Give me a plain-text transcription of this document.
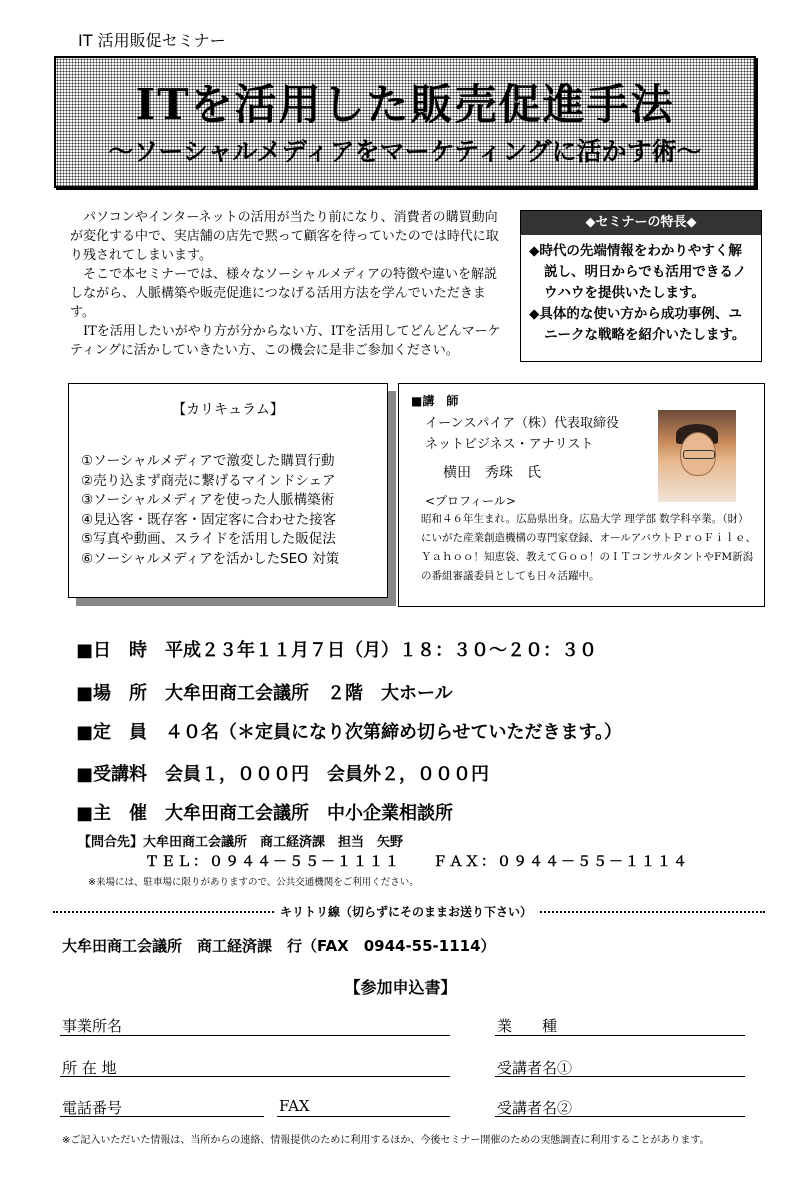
IT 活用販促セミナー
ITを活用した販売促進手法
～ソーシャルメディアをマーケティングに活かす術～

パソコンやインターネットの活用が当たり前になり、消費者の購買動向が変化する中で、実店舗の店先で黙って顧客を待っていたのでは時代に取り残されてしまいます。

そこで本セミナーでは、様々なソーシャルメディアの特徴や違いを解説しながら、人脈構築や販売促進につなげる活用方法を学んでいただきます。

ITを活用したいがやり方が分からない方、ITを活用してどんどんマーケティングに活かしていきたい方、この機会に是非ご参加ください。

◆セミナーの特長◆
◆時代の先端情報をわかりやすく解説し、明日からでも活用できるノウハウを提供いたします。
◆具体的な使い方から成功事例、ユニークな戦略を紹介いたします。
【カリキュラム】
①ソーシャルメディアで激変した購買行動
②売り込まず商売に繋げるマインドシェア
③ソーシャルメディアを使った人脈構築術
④見込客・既存客・固定客に合わせた接客
⑤写真や動画、スライドを活用した販促法
⑥ソーシャルメディアを活かしたSEO 対策
■講　師
イーンスパイア（株）代表取締役
ネットビジネス・アナリスト
横田　秀珠　氏
<プロフィール>
昭和４６年生まれ。広島県出身。広島大学 理学部 数学科卒業。（財）にいがた産業創造機構の専門家登録、オールアバウトＰｒｏＦｉｌｅ、Ｙａｈｏｏ！知恵袋、教えてＧｏｏ！のＩＴコンサルタントやFM新潟の番組審議委員としても日々活躍中。
■日　時　平成２３年１１月７日（月）１８：３０～２０：３０
■場　所　大牟田商工会議所　２階　大ホール
■定　員　４０名（＊定員になり次第締め切らせていただきます。）
■受講料　会員１，０００円　会員外２，０００円
■主　催　大牟田商工会議所　中小企業相談所
【問合先】大牟田商工会議所　商工経済課　担当　矢野
ＴＥＬ：０９４４－５５－１１１１　　ＦＡＸ：０９４４－５５－１１１４
※来場には、駐車場に限りがありますので、公共交通機関をご利用ください。
キリトリ線（切らずにそのままお送り下さい）
大牟田商工会議所　商工経済課　行（FAX　0944-55-1114）
【参加申込書】
事業所名	業　　種
所 在 地	受講者名①
電話番号	FAX	受講者名②
※ご記入いただいた情報は、当所からの連絡、情報提供のために利用するほか、今後セミナー開催のための実態調査に利用することがあります。
